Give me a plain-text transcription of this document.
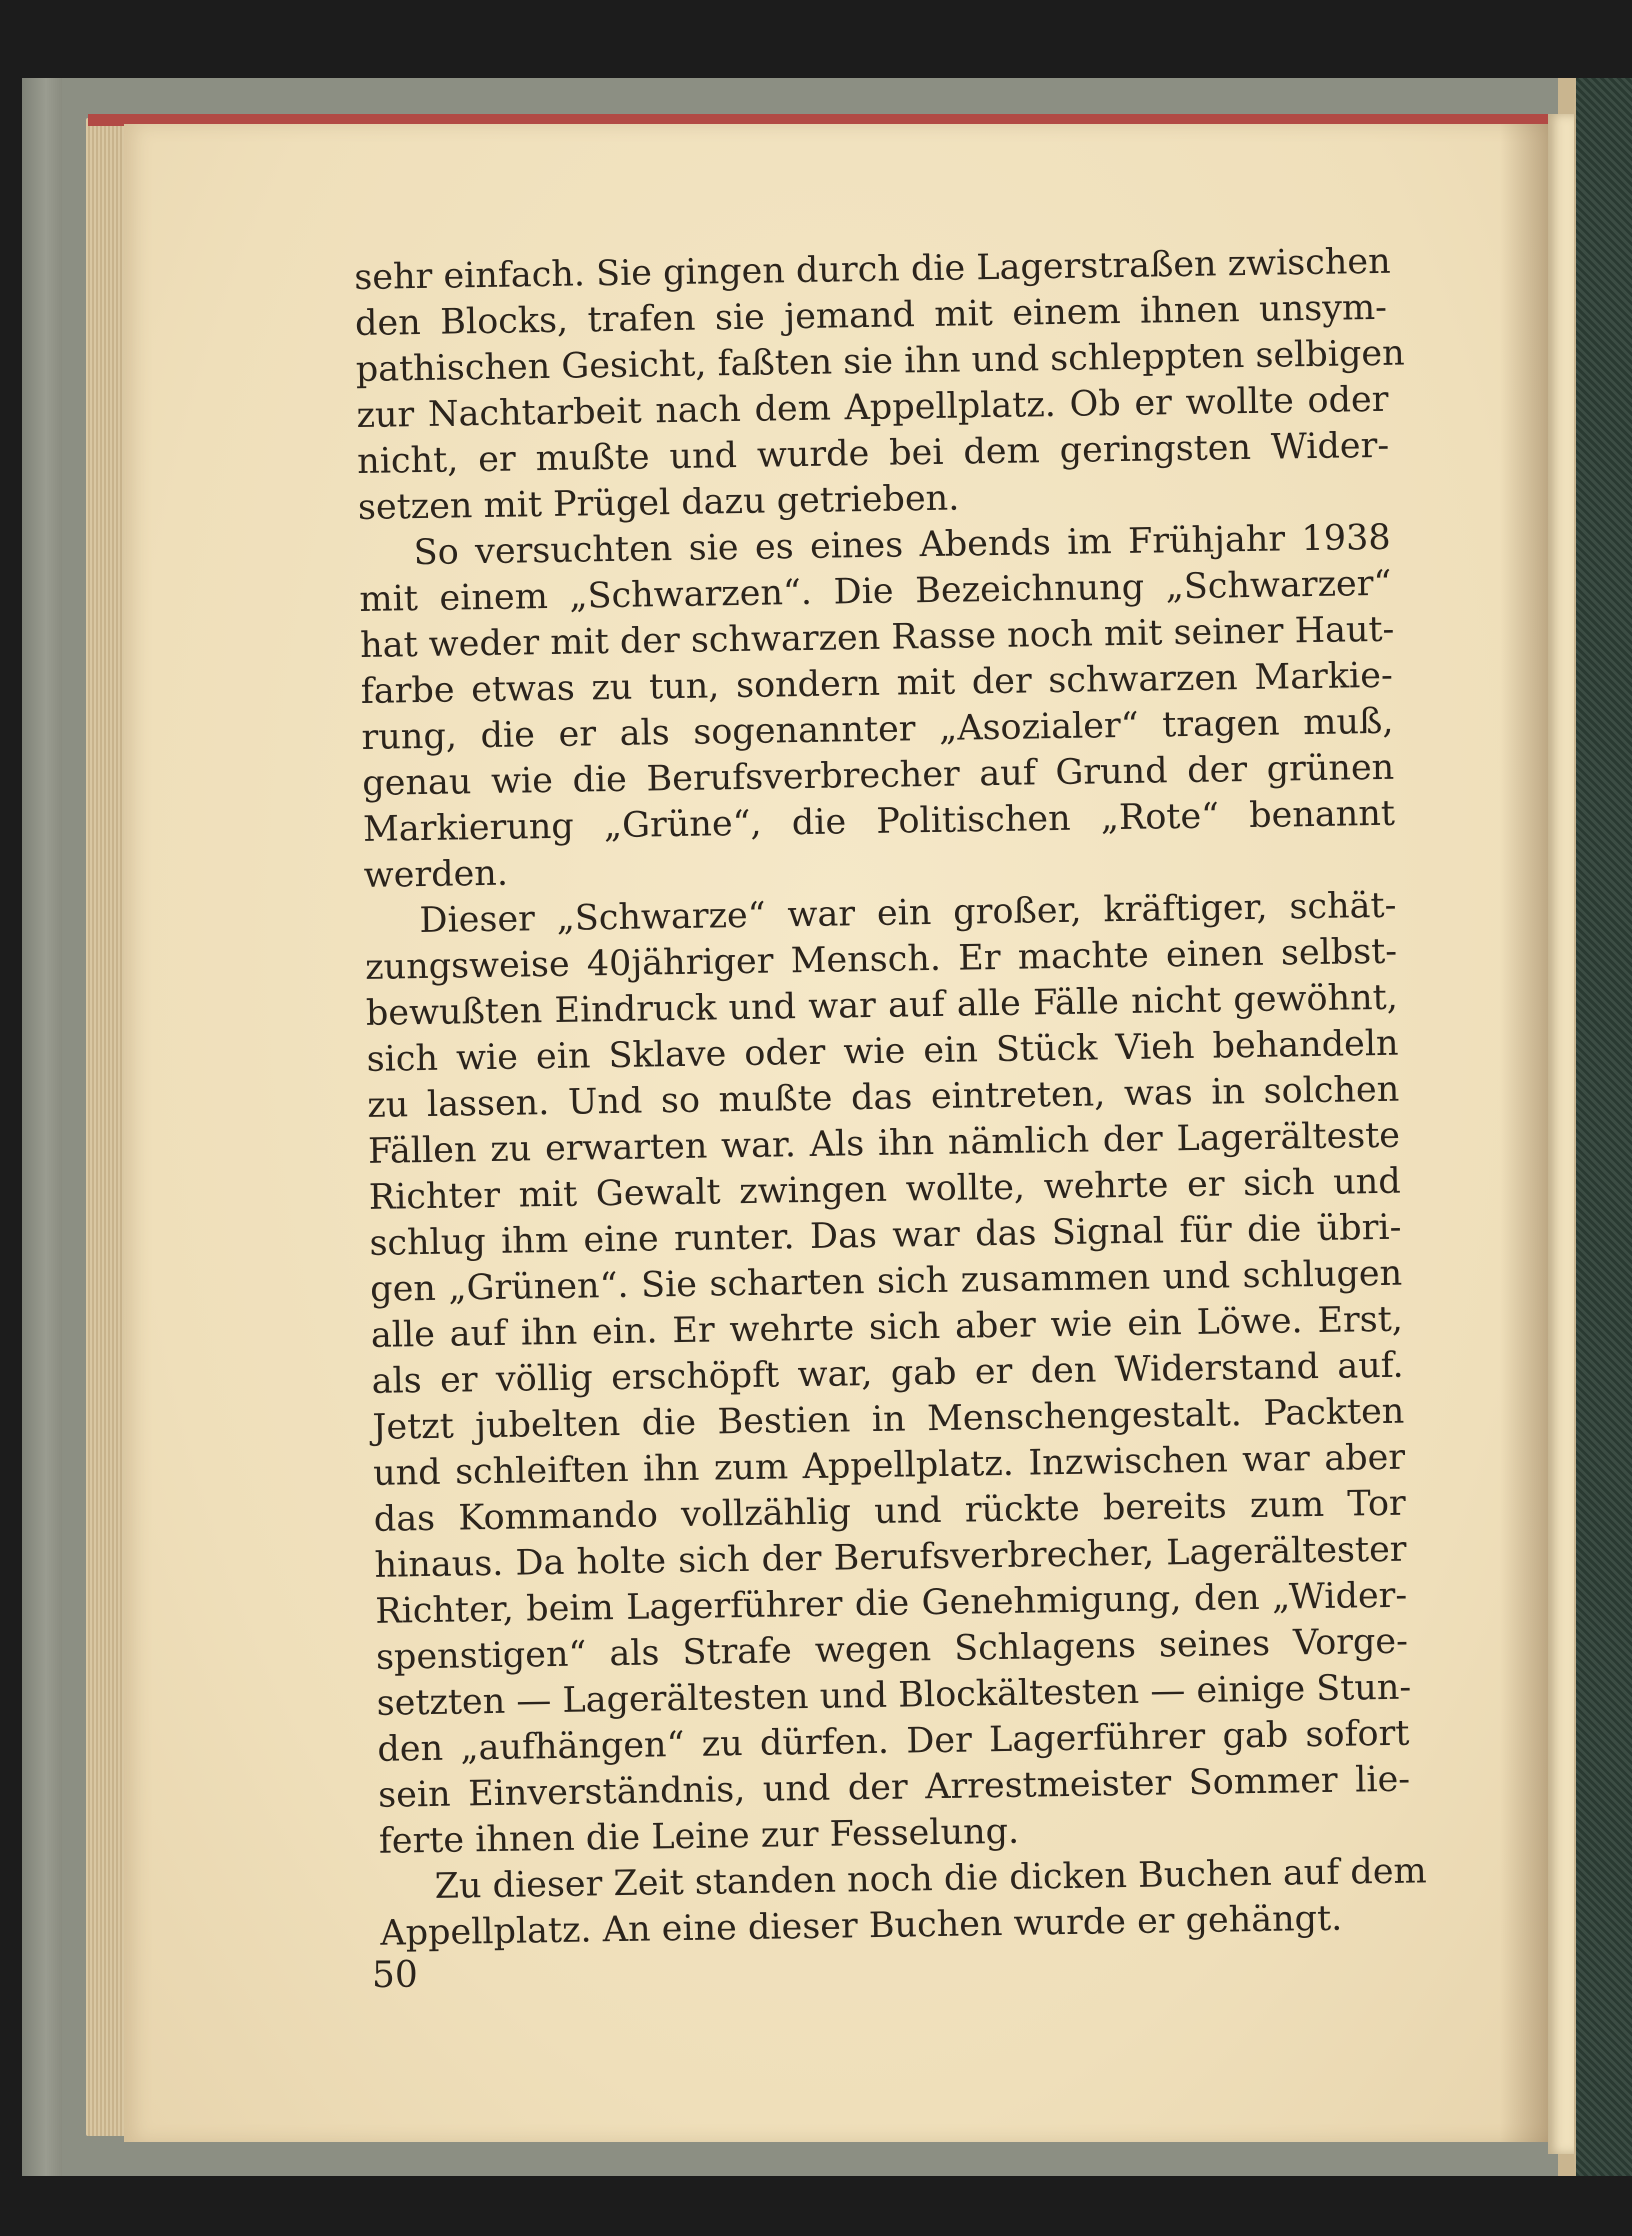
sehr einfach. Sie gingen durch die Lagerstraßen zwischen
den Blocks, trafen sie jemand mit einem ihnen unsym-
pathischen Gesicht, faßten sie ihn und schleppten selbigen
zur Nachtarbeit nach dem Appellplatz. Ob er wollte oder
nicht, er mußte und wurde bei dem geringsten Wider-
setzen mit Prügel dazu getrieben.

So versuchten sie es eines Abends im Frühjahr 1938
mit einem „Schwarzen“. Die Bezeichnung „Schwarzer“
hat weder mit der schwarzen Rasse noch mit seiner Haut-
farbe etwas zu tun, sondern mit der schwarzen Markie-
rung, die er als sogenannter „Asozialer“ tragen muß,
genau wie die Berufsverbrecher auf Grund der grünen
Markierung „Grüne“, die Politischen „Rote“ benannt
werden.

Dieser „Schwarze“ war ein großer, kräftiger, schät-
zungsweise 40jähriger Mensch. Er machte einen selbst-
bewußten Eindruck und war auf alle Fälle nicht gewöhnt,
sich wie ein Sklave oder wie ein Stück Vieh behandeln
zu lassen. Und so mußte das eintreten, was in solchen
Fällen zu erwarten war. Als ihn nämlich der Lagerälteste
Richter mit Gewalt zwingen wollte, wehrte er sich und
schlug ihm eine runter. Das war das Signal für die übri-
gen „Grünen“. Sie scharten sich zusammen und schlugen
alle auf ihn ein. Er wehrte sich aber wie ein Löwe. Erst,
als er völlig erschöpft war, gab er den Widerstand auf.
Jetzt jubelten die Bestien in Menschengestalt. Packten
und schleiften ihn zum Appellplatz. Inzwischen war aber
das Kommando vollzählig und rückte bereits zum Tor
hinaus. Da holte sich der Berufsverbrecher, Lagerältester
Richter, beim Lagerführer die Genehmigung, den „Wider-
spenstigen“ als Strafe wegen Schlagens seines Vorge-
setzten — Lagerältesten und Blockältesten — einige Stun-
den „aufhängen“ zu dürfen. Der Lagerführer gab sofort
sein Einverständnis, und der Arrestmeister Sommer lie-
ferte ihnen die Leine zur Fesselung.

Zu dieser Zeit standen noch die dicken Buchen auf dem
Appellplatz. An eine dieser Buchen wurde er gehängt.

50
